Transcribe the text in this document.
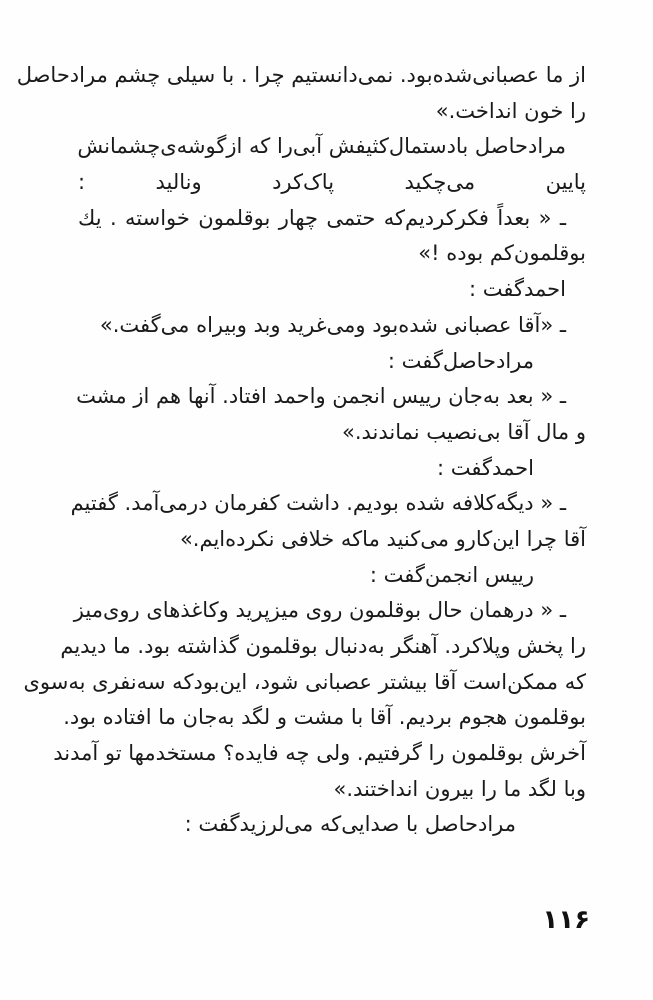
از ما عصبانی‌شده‌بود. نمی‌دانستیم چرا . با سیلی چشم مرادحاصل
را خون انداخت.»
مرادحاصل بادستمال‌کثیفش آبی‌را که ازگوشه‌ی‌چشمانش
پایین می‌چکید پاک‌کرد ونالید :
ـ « بعداً فکرکردیم‌که حتمی چهار بوقلمون خواسته . یك
بوقلمون‌کم بوده !»
احمدگفت :
ـ «آقا عصبانی شده‌بود ومی‌غرید وبد وبیراه می‌گفت.»
مرادحاصل‌گفت :
ـ « بعد به‌جان رییس انجمن واحمد افتاد. آنها هم از مشت
و مال آقا بی‌نصیب نماندند.»
احمدگفت :
ـ « دیگه‌کلافه شده بودیم. داشت کفرمان درمی‌آمد. گفتیم
آقا چرا این‌کارو می‌کنید ماکه خلافی نکرده‌ایم.»
رییس انجمن‌گفت :
ـ « درهمان حال بوقلمون روی میزپرید وکاغذهای روی‌میز
را پخش وپلاکرد. آهنگر به‌دنبال بوقلمون گذاشته بود. ما دیدیم
که ممکن‌است آقا بیشتر عصبانی شود، این‌بودکه سه‌نفری به‌سوی
بوقلمون هجوم بردیم. آقا با مشت و لگد به‌جان ما افتاده بود.
آخرش بوقلمون را گرفتیم. ولی چه فایده؟ مستخدمها تو آمدند
وبا لگد ما را بیرون انداختند.»
مرادحاصل با صدایی‌که می‌لرزیدگفت :
۱۱۶
